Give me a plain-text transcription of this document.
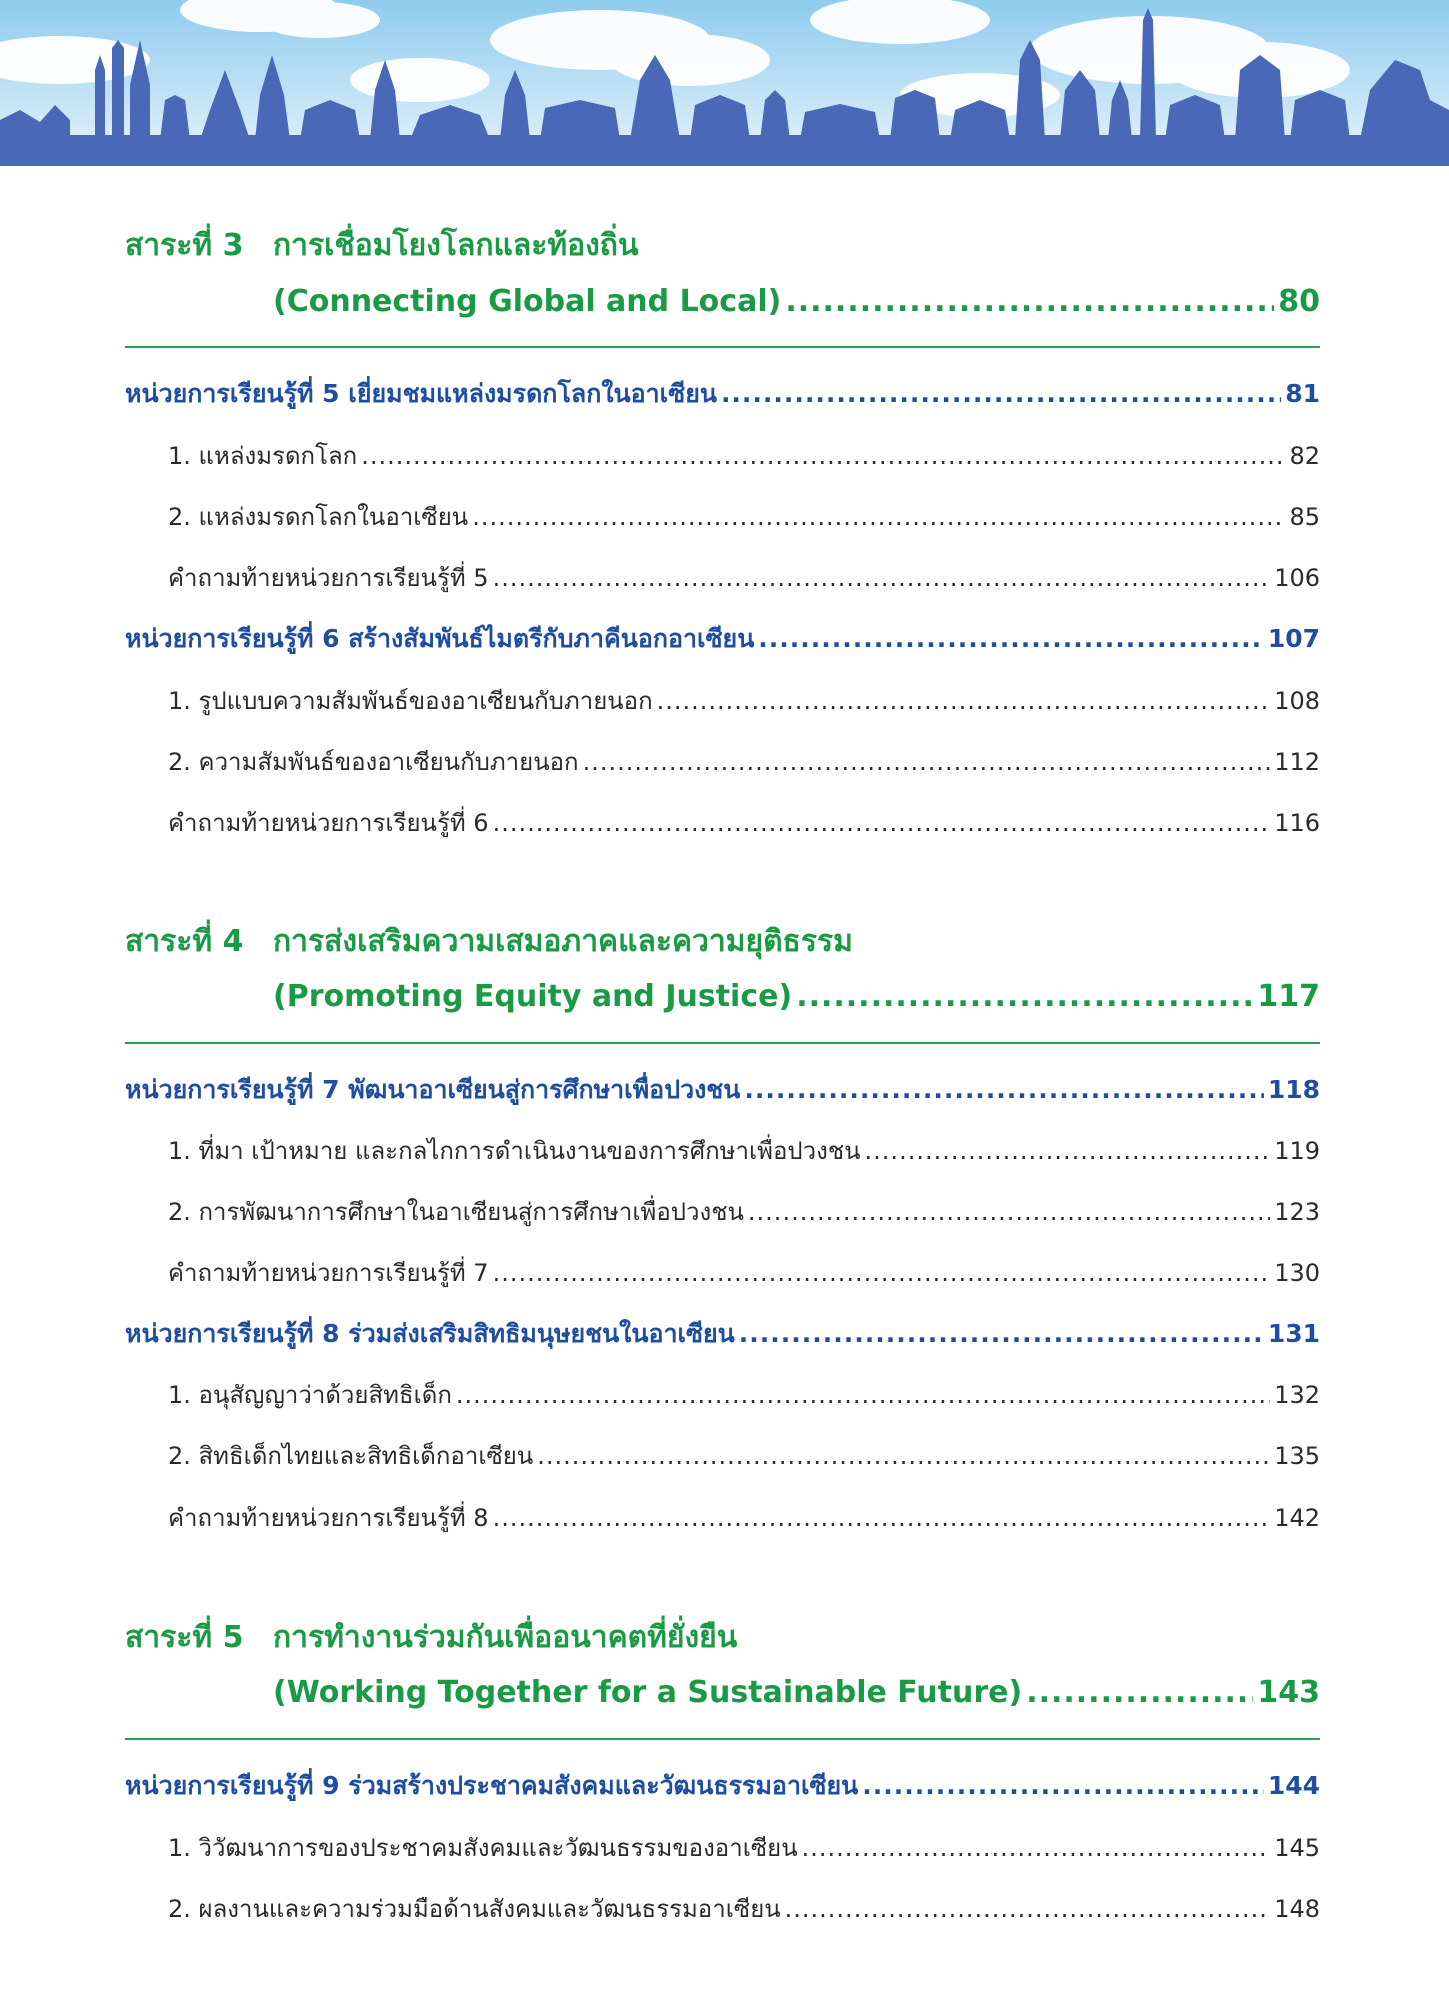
สาระที่ 3 การเชื่อมโยงโลกและท้องถิ่น
(Connecting Global and Local) .....	80
หน่วยการเรียนรู้ที่ 5 เยี่ยมชมแหล่งมรดกโลกในอาเซียน .....	81
1. แหล่งมรดกโลก .....	82
2. แหล่งมรดกโลกในอาเซียน .....	85
คำถามท้ายหน่วยการเรียนรู้ที่ 5 .....	106
หน่วยการเรียนรู้ที่ 6 สร้างสัมพันธ์ไมตรีกับภาคีนอกอาเซียน .....	107
1. รูปแบบความสัมพันธ์ของอาเซียนกับภายนอก .....	108
2. ความสัมพันธ์ของอาเซียนกับภายนอก .....	112
คำถามท้ายหน่วยการเรียนรู้ที่ 6 .....	116
สาระที่ 4 การส่งเสริมความเสมอภาคและความยุติธรรม
(Promoting Equity and Justice) .....	117
หน่วยการเรียนรู้ที่ 7 พัฒนาอาเซียนสู่การศึกษาเพื่อปวงชน .....	118
1. ที่มา เป้าหมาย และกลไกการดำเนินงานของการศึกษาเพื่อปวงชน .....	119
2. การพัฒนาการศึกษาในอาเซียนสู่การศึกษาเพื่อปวงชน .....	123
คำถามท้ายหน่วยการเรียนรู้ที่ 7 .....	130
หน่วยการเรียนรู้ที่ 8 ร่วมส่งเสริมสิทธิมนุษยชนในอาเซียน .....	131
1. อนุสัญญาว่าด้วยสิทธิเด็ก .....	132
2. สิทธิเด็กไทยและสิทธิเด็กอาเซียน .....	135
คำถามท้ายหน่วยการเรียนรู้ที่ 8 .....	142
สาระที่ 5 การทำงานร่วมกันเพื่ออนาคตที่ยั่งยืน
(Working Together for a Sustainable Future) .....	143
หน่วยการเรียนรู้ที่ 9 ร่วมสร้างประชาคมสังคมและวัฒนธรรมอาเซียน .....	144
1. วิวัฒนาการของประชาคมสังคมและวัฒนธรรมของอาเซียน .....	145
2. ผลงานและความร่วมมือด้านสังคมและวัฒนธรรมอาเซียน .....	148
